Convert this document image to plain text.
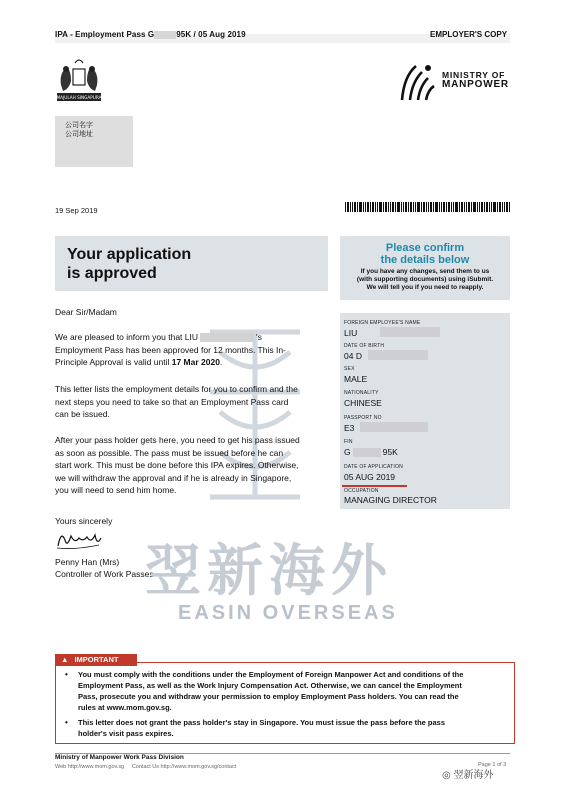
IPA - Employment Pass G	95K / 05 Aug 2019	EMPLOYER'S COPY
MAJULAH SINGAPURA
MINISTRY OF
MANPOWER
公司名字
公司地址
19 Sep 2019
Your application
is approved
Please confirm
the details below
If you have any changes, send them to us
(with supporting documents) using iSubmit.
We will tell you if you need to reapply.
FOREIGN EMPLOYEE'S NAME
LIU
DATE OF BIRTH
04 D
SEX
MALE
NATIONALITY
CHINESE
PASSPORT NO
E3
FIN
G	95K
DATE OF APPLICATION
05 AUG 2019
OCCUPATION
MANAGING DIRECTOR
Dear Sir/Madam
We are pleased to inform you that LIU	's
Employment Pass has been approved for 12 months. This In-
Principle Approval is valid until 17 Mar 2020.
This letter lists the employment details for you to confirm and the
next steps you need to take so that an Employment Pass card
can be issued.
After your pass holder gets here, you need to get his pass issued
as soon as possible. The pass must be issued before he can
start work. This must be done before this IPA expires. Otherwise,
we will withdraw the approval and if he is already in Singapore,
you will need to send him home.
Yours sincerely
Penny Han (Mrs)
Controller of Work Passes
翌新海外
EASIN OVERSEAS
• You must comply with the conditions under the Employment of Foreign Manpower Act and conditions of the
Employment Pass, as well as the Work Injury Compensation Act. Otherwise, we can cancel the Employment
Pass, prosecute you and withdraw your permission to employ Employment Pass holders. You can read the
rules at www.mom.gov.sg.
• This letter does not grant the pass holder's stay in Singapore. You must issue the pass before the pass
holder's visit pass expires.
▲ IMPORTANT
Ministry of Manpower Work Pass Division
Web http://www.mom.gov.sg Contact Us http://www.mom.gov.sg/contact	Page 1 of 3
◎ 翌新海外
